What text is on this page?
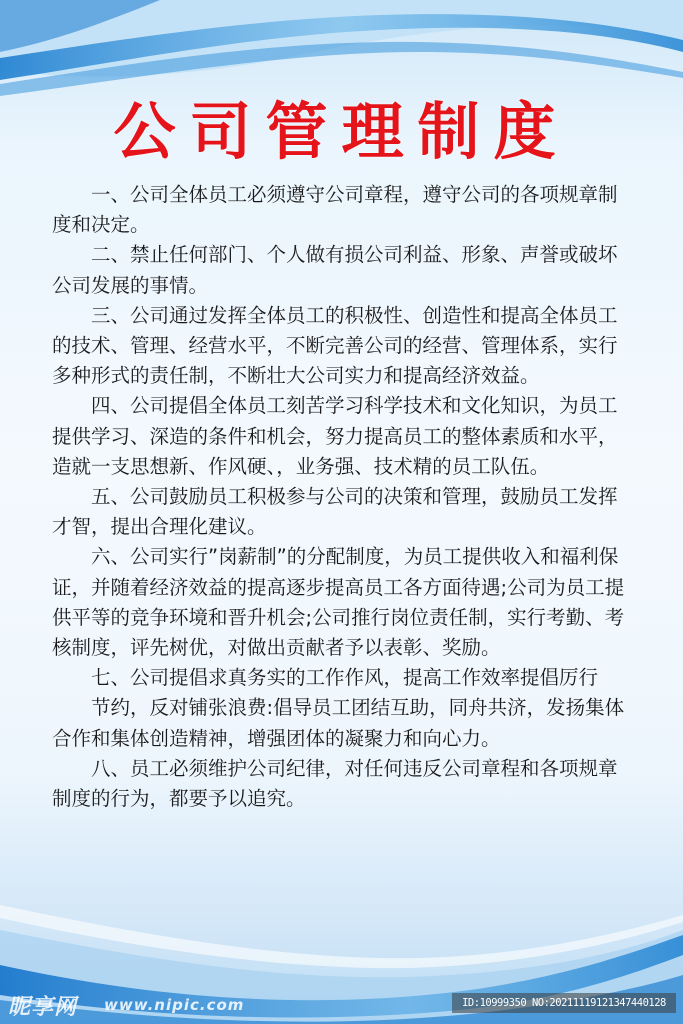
公司管理制度

一、公司全体员工必须遵守公司章程，遵守公司的各项规章制度和决定。

二、禁止任何部门、个人做有损公司利益、形象、声誉或破坏公司发展的事情。

三、公司通过发挥全体员工的积极性、创造性和提高全体员工的技术、管理、经营水平，不断完善公司的经营、管理体系，实行多种形式的责任制，不断壮大公司实力和提高经济效益。

四、公司提倡全体员工刻苦学习科学技术和文化知识，为员工提供学习、深造的条件和机会，努力提高员工的整体素质和水平，造就一支思想新、作风硬、，业务强、技术精的员工队伍。

五、公司鼓励员工积极参与公司的决策和管理，鼓励员工发挥才智，提出合理化建议。

六、公司实行”岗薪制”的分配制度，为员工提供收入和福利保证，并随着经济效益的提高逐步提高员工各方面待遇;公司为员工提供平等的竞争环境和晋升机会;公司推行岗位责任制，实行考勤、考核制度，评先树优，对做出贡献者予以表彰、奖励。

七、公司提倡求真务实的工作作风，提高工作效率提倡厉行

节约，反对铺张浪费:倡导员工团结互助，同舟共济，发扬集体合作和集体创造精神，增强团体的凝聚力和向心力。

八、员工必须维护公司纪律，对任何违反公司章程和各项规章制度的行为，都要予以追究。

昵享网 www.nipic.com	ID:10999350 NO:20211119121347440128
